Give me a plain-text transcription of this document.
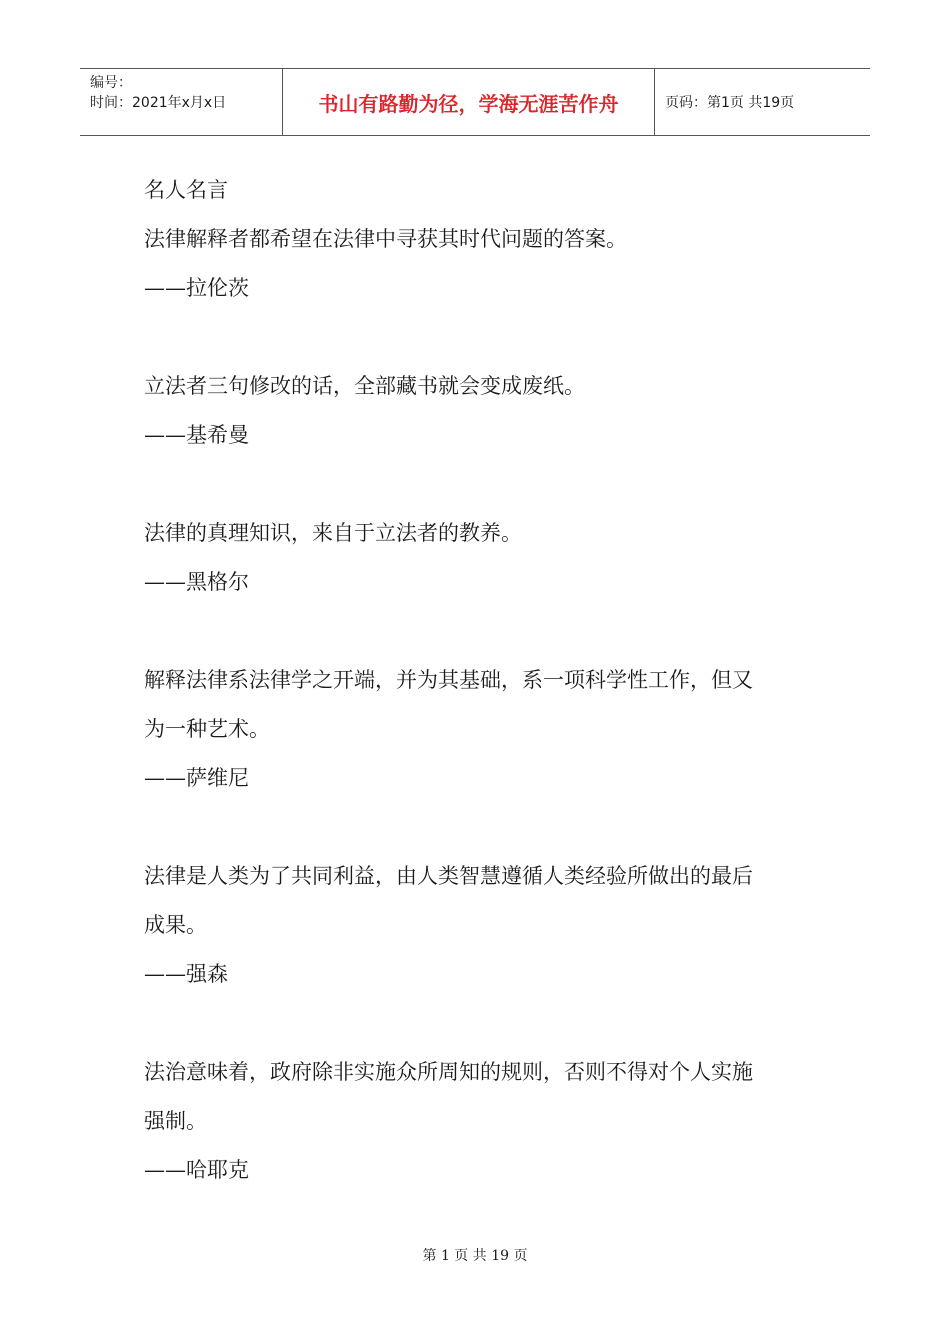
编号：
时间：2021年x月x日	书山有路勤为径，学海无涯苦作舟	页码：第1页 共19页

名人名言

法律解释者都希望在法律中寻获其时代问题的答案。

——拉伦茨

立法者三句修改的话，全部藏书就会变成废纸。

——基希曼

法律的真理知识，来自于立法者的教养。

——黑格尔

解释法律系法律学之开端，并为其基础，系一项科学性工作，但又

为一种艺术。

——萨维尼

法律是人类为了共同利益，由人类智慧遵循人类经验所做出的最后

成果。

——强森

法治意味着，政府除非实施众所周知的规则，否则不得对个人实施

强制。

——哈耶克

第 1 页 共 19 页
